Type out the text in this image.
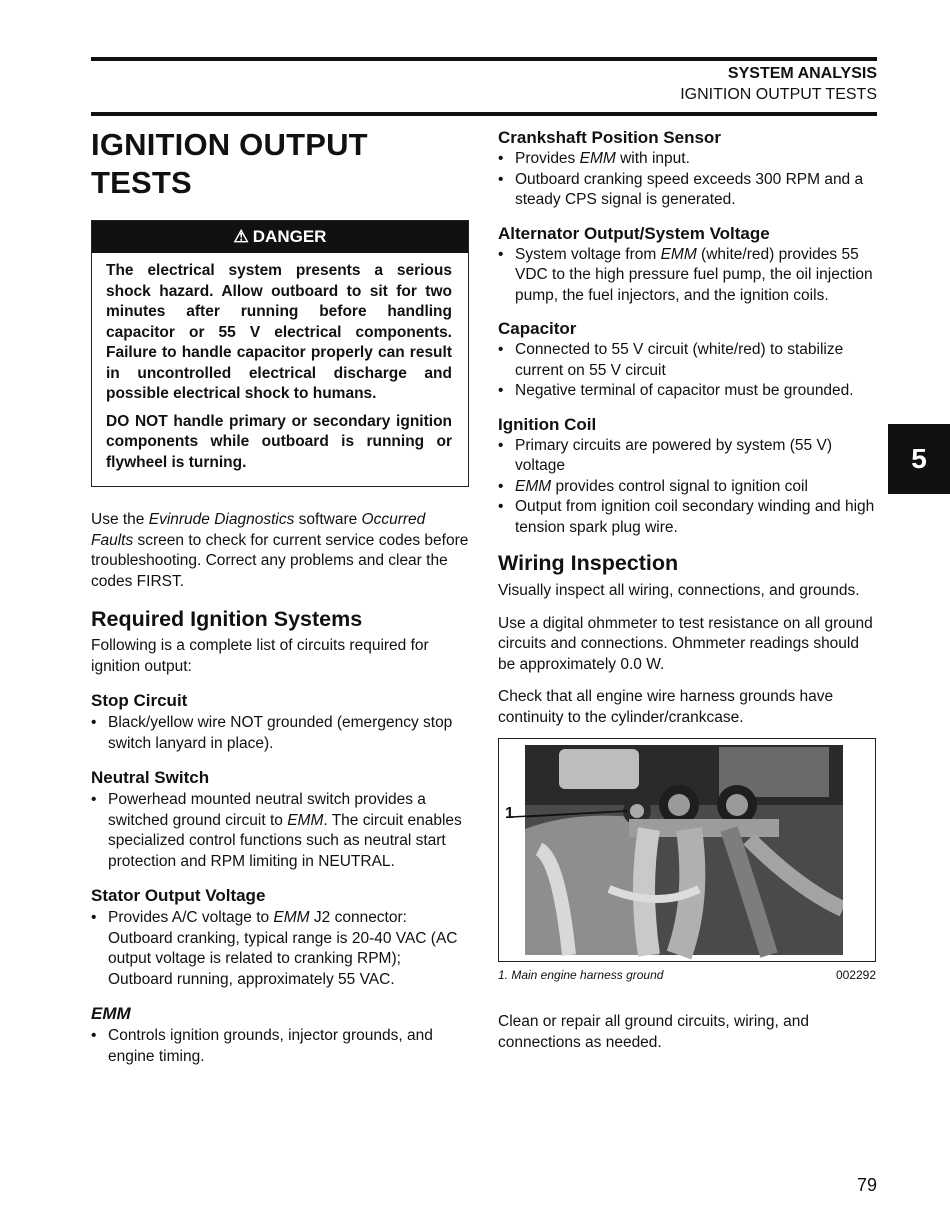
SYSTEM ANALYSIS
IGNITION OUTPUT TESTS
IGNITION OUTPUT
TESTS
⚠ DANGER

The electrical system presents a serious shock hazard. Allow outboard to sit for two minutes after running before handling capacitor or 55 V electrical components. Failure to handle capacitor properly can result in uncontrolled electrical discharge and possible electrical shock to humans.

DO NOT handle primary or secondary ignition components while outboard is running or flywheel is turning.

Use the Evinrude Diagnostics software Occurred Faults screen to check for current service codes before troubleshooting. Correct any problems and clear the codes FIRST.

Required Ignition Systems

Following is a complete list of circuits required for ignition output:

Stop Circuit
• Black/yellow wire NOT grounded (emergency stop switch lanyard in place).
Neutral Switch
• Powerhead mounted neutral switch provides a switched ground circuit to EMM. The circuit enables specialized control functions such as neutral start protection and RPM limiting in NEUTRAL.
Stator Output Voltage
• Provides A/C voltage to EMM J2 connector: Outboard cranking, typical range is 20-40 VAC (AC output voltage is related to cranking RPM); Outboard running, approximately 55 VAC.
EMM
• Controls ignition grounds, injector grounds, and engine timing.
Crankshaft Position Sensor
• Provides EMM with input.
• Outboard cranking speed exceeds 300 RPM and a steady CPS signal is generated.
Alternator Output/System Voltage
• System voltage from EMM (white/red) provides 55 VDC to the high pressure fuel pump, the oil injection pump, the fuel injectors, and the ignition coils.
Capacitor
• Connected to 55 V circuit (white/red) to stabilize current on 55 V circuit
• Negative terminal of capacitor must be grounded.
Ignition Coil
• Primary circuits are powered by system (55 V) voltage
• EMM provides control signal to ignition coil
• Output from ignition coil secondary winding and high tension spark plug wire.
Wiring Inspection

Visually inspect all wiring, connections, and grounds.

Use a digital ohmmeter to test resistance on all ground circuits and connections. Ohmmeter readings should be approximately 0.0 W.

Check that all engine wire harness grounds have continuity to the cylinder/crankcase.

1
1. Main engine harness ground	002292

Clean or repair all ground circuits, wiring, and connections as needed.

5
79
